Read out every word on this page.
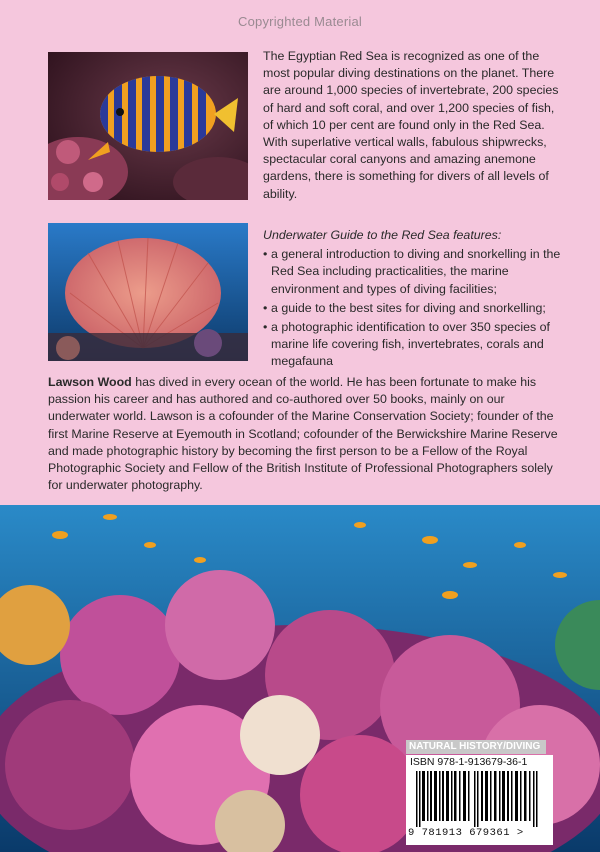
Copyrighted Material
The Egyptian Red Sea is recognized as one of the most popular diving destinations on the planet. There are around 1,000 species of invertebrate, 200 species of hard and soft coral, and over 1,200 species of fish, of which 10 per cent are found only in the Red Sea. With superlative vertical walls, fabulous shipwrecks, spectacular coral canyons and amazing anemone gardens, there is something for divers of all levels of ability.
Underwater Guide to the Red Sea features:
• a general introduction to diving and snorkelling in the Red Sea including practicalities, the marine environment and types of diving facilities;
• a guide to the best sites for diving and snorkelling;
• a photographic identification to over 350 species of marine life covering fish, invertebrates, corals and megafauna
Lawson Wood has dived in every ocean of the world. He has been fortunate to make his passion his career and has authored and co-authored over 50 books, mainly on our underwater world. Lawson is a cofounder of the Marine Conservation Society; founder of the first Marine Reserve at Eyemouth in Scotland; cofounder of the Berwickshire Marine Reserve and made photographic history by becoming the first person to be a Fellow of the Royal Photographic Society and Fellow of the British Institute of Professional Photographers solely for underwater photography.
NATURAL HISTORY/DIVING
ISBN 978-1-913679-36-1
9 781913 679361 >
